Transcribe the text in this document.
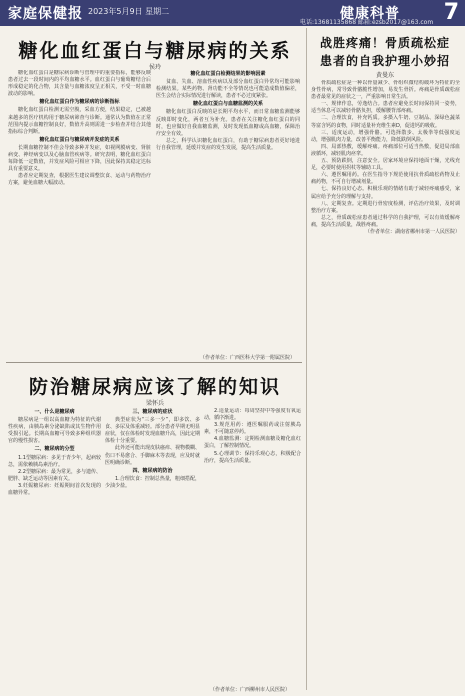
家庭保健报 2023年5月9日 星期二
电话:13681135868 邮箱:ezsb2017@163.com
健康科普 7
糖化血红蛋白与糖尿病的关系
侯玲

糖化血红蛋白是糖尿病诊断与管理中的重要指标，能够反映患者过去一段时间内的平均血糖水平。血红蛋白与葡萄糖结合后形成稳定的化合物，其含量与血糖浓度呈正相关，不受一时血糖波动的影响。

糖化血红蛋白作为糖尿病的诊断指标

糖化血红蛋白检测无需空腹，采血方便，结果稳定，已被越来越多的医疗机构用于糖尿病筛查与诊断。通常认为数值在正常范围内提示血糖控制良好，数值升高则需进一步检查并结合其他指标综合判断。

糖化血红蛋白与糖尿病并发症的关系

长期血糖控制不佳会导致多种并发症，如视网膜病变、肾脏病变、神经病变以及心脑血管疾病等。研究表明，糖化血红蛋白每降低一定数值，并发症风险可相应下降，因此保持其稳定达标具有重要意义。

患者应定期复查，根据医生建议调整饮食、运动与药物治疗方案，避免血糖大幅波动。

糖化血红蛋白检测结果的影响因素

贫血、失血、溶血性疾病以及部分血红蛋白异常均可能影响检测结果。某些药物、肾功能不全等情况也可能造成数值偏差，医生会结合实际情况进行解读，患者不必过度紧张。

糖化血红蛋白与血糖监测的关系

糖化血红蛋白反映的是长期平均水平，而日常血糖监测能够反映即时变化，两者互为补充。患者在关注糖化血红蛋白的同时，也应做好自我血糖监测，及时发现低血糖或高血糖，保障治疗安全有效。

总之，科学认识糖化血红蛋白，有助于糖尿病患者更好地进行自我管理，延缓并发症的发生发展，提高生活质量。

（作者单位：广西医科大学第一附属医院）
防治糖尿病应该了解的知识
梁怀兵
一、什么是糖尿病

糖尿病是一组以高血糖为特征的代谢性疾病，由胰岛素分泌缺陷或其生物作用受损引起。长期高血糖可导致多种组织器官的慢性损害。

二、糖尿病的分型

1.1型糖尿病：多见于青少年，起病较急，需依赖胰岛素治疗。

2.2型糖尿病：最为常见，多与遗传、肥胖、缺乏运动等因素有关。

3.妊娠糖尿病：妊娠期间首次发现的血糖异常。

三、糖尿病的症状

典型症状为“三多一少”，即多饮、多食、多尿及体重减轻。部分患者早期无明显症状，仅在体检时发现血糖升高，因此定期体检十分重要。

此外还可能出现皮肤瘙痒、视物模糊、伤口不易愈合、手脚麻木等表现，应及时就医明确诊断。

四、糖尿病的防治

1.合理饮食：控制总热量，粗细搭配，少油少盐。

2.适量运动：每周坚持中等强度有氧运动，循序渐进。

3.规范用药：遵医嘱服药或注射胰岛素，不可随意停药。

4.血糖监测：定期检测血糖及糖化血红蛋白，了解控制情况。

5.心理调节：保持乐观心态，积极配合治疗，提高生活质量。

（作者单位：广西柳州市人民医院）
战胜疼痛！骨质疏松症
患者的自我护理小妙招
黄曼东

骨质疏松症是一种以骨量减少、骨组织微结构破坏为特征的全身性骨病，常导致骨骼脆性增加，易发生骨折。疼痛是骨质疏松症患者最常见的症状之一，严重影响日常生活。

一、规律作息，劳逸结合。患者应避免长时间保持同一姿势，适当休息可以减轻骨骼负担，缓解腰背部疼痛。

二、合理饮食，补充钙质。多摄入牛奶、豆制品、深绿色蔬菜等富含钙的食物，同时适量补充维生素D，促进钙的吸收。

三、适度运动，增强骨骼。可选择散步、太极拳等低强度运动，增强肌肉力量，改善平衡能力，降低跌倒风险。

四、局部热敷，缓解疼痛。疼痛部位可适当热敷，促进局部血液循环，减轻肌肉痉挛。

五、预防跌倒，注意安全。居家环境应保持地面干燥，光线充足，必要时使用拐杖等辅助工具。

六、遵医嘱用药。在医生指导下规范使用抗骨质疏松药物及止痛药物，不可自行增减剂量。

七、保持良好心态。积极乐观的情绪有助于减轻疼痛感受，家属应给予充分的理解与支持。

八、定期复查。定期进行骨密度检测，评估治疗效果，及时调整治疗方案。

总之，骨质疏松症患者通过科学的自我护理，可以有效缓解疼痛，提高生活质量，战胜疼痛。

（作者单位：湖南省郴州市第一人民医院）
